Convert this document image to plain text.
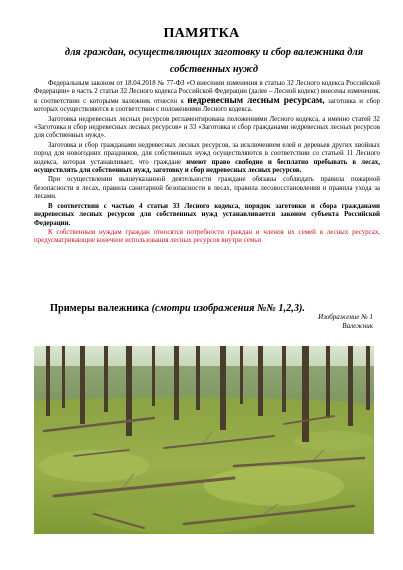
ПАМЯТКА
для граждан, осуществляющих заготовку и сбор валежника для собственных нужд

Федеральным законом от 18.04.2018 № 77-ФЗ «О внесении изменения в статью 32 Лесного кодекса Российской Федерации» в часть 2 статьи 32 Лесного кодекса Российской Федерации (далее – Лесной кодекс) внесены изменения, в соответствии с которыми валежник отнесен к недревесным лесным ресурсам, заготовка и сбор которых осуществляются в соответствии с положениями Лесного кодекса.

Заготовка недревесных лесных ресурсов регламентирована положениями Лесного кодекса, а именно статей 32 «Заготовка и сбор недревесных лесных ресурсов» и 33 «Заготовка и сбор гражданами недревесных лесных ресурсов для собственных нужд».

Заготовка и сбор гражданами недревесных лесных ресурсов, за исключением елей и деревьев других хвойных пород для новогодних праздников, для собственных нужд осуществляются в соответствии со статьей 11 Лесного кодекса, которая устанавливает, что граждане имеют право свободно и бесплатно пребывать в лесах, осуществлять для собственных нужд, заготовку и сбор недревесных лесных ресурсов.

При осуществлении вышеуказанной деятельности граждане обязаны соблюдать правила пожарной безопасности в лесах, правила санитарной безопасности в лесах, правила лесовосстановления и правила ухода за лесами.

В соответствии с частью 4 статьи 33 Лесного кодекса, порядок заготовки и сбора гражданами недревесных лесных ресурсов для собственных нужд устанавливается законом субъекта Российской Федерации.

К собственным нуждам граждан относятся потребности граждан и членов их семей в лесных ресурсах, предусматривающие конечное использования лесных ресурсов внутри семьи

Примеры валежника (смотри изображения №№ 1,2,3).
Изображение № 1
Валежник
